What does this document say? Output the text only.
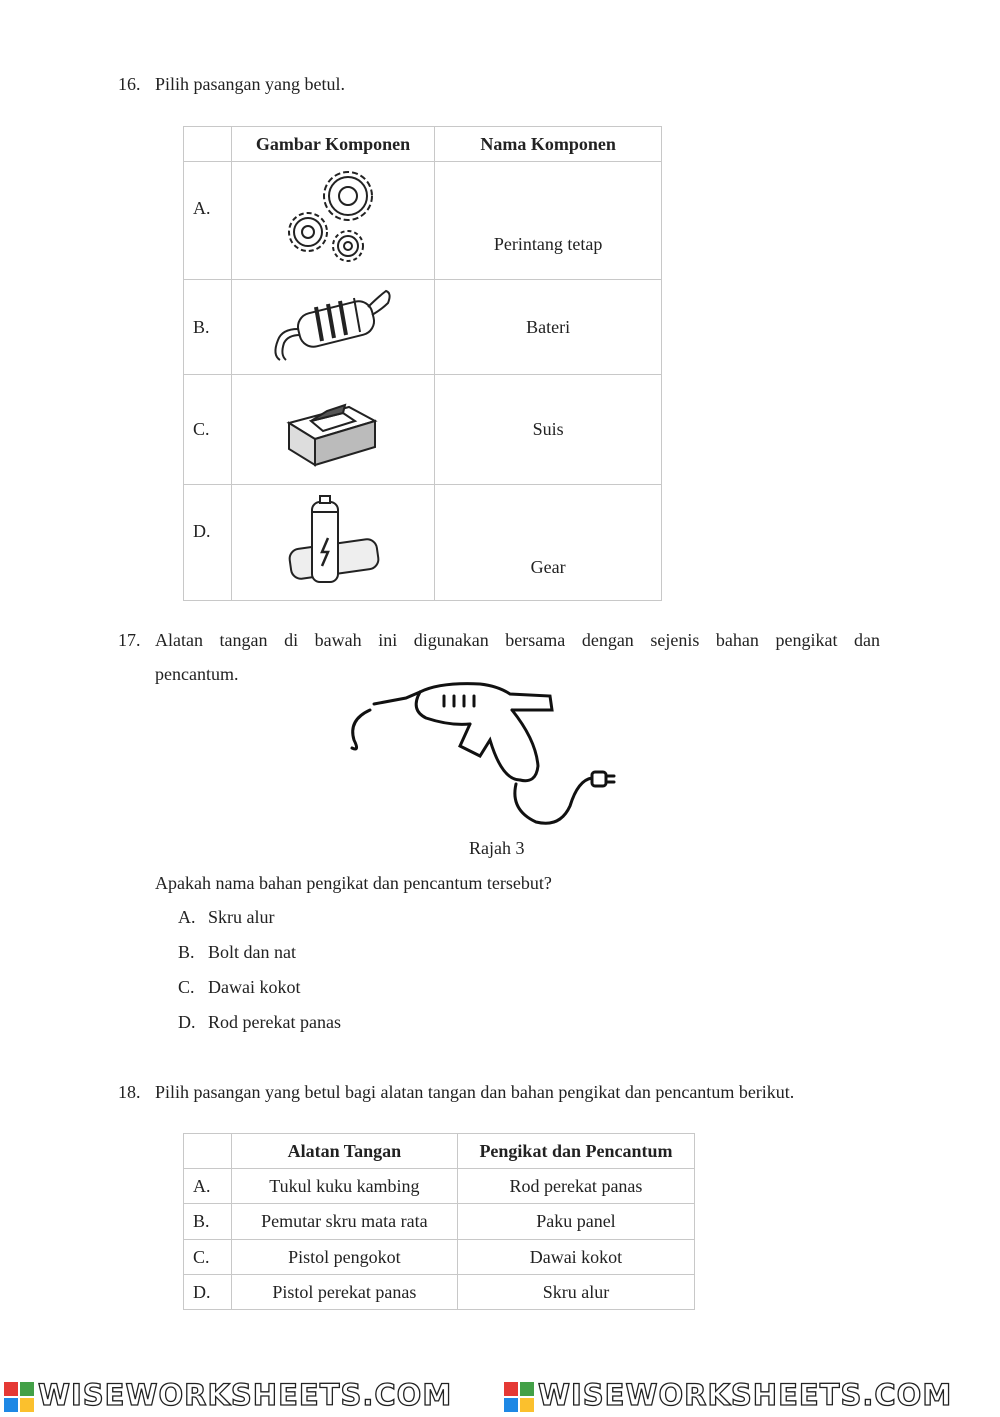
16. Pilih pasangan yang betul.
	Gambar Komponen	Nama Komponen
A.		Perintang tetap
B.		Bateri
C.		Suis
D.		Gear
17. Alatan tangan di bawah ini digunakan bersama dengan sejenis bahan pengikat dan
pencantum.
Rajah 3
Apakah nama bahan pengikat dan pencantum tersebut?
A. Skru alur
B. Bolt dan nat
C. Dawai kokot
D. Rod perekat panas
18. Pilih pasangan yang betul bagi alatan tangan dan bahan pengikat dan pencantum berikut.
	Alatan Tangan	Pengikat dan Pencantum
A.	Tukul kuku kambing	Rod perekat panas
B.	Pemutar skru mata rata	Paku panel
C.	Pistol pengokot	Dawai kokot
D.	Pistol perekat panas	Skru alur
WISEWORKSHEETS.COM	WISEWORKSHEETS.COM
